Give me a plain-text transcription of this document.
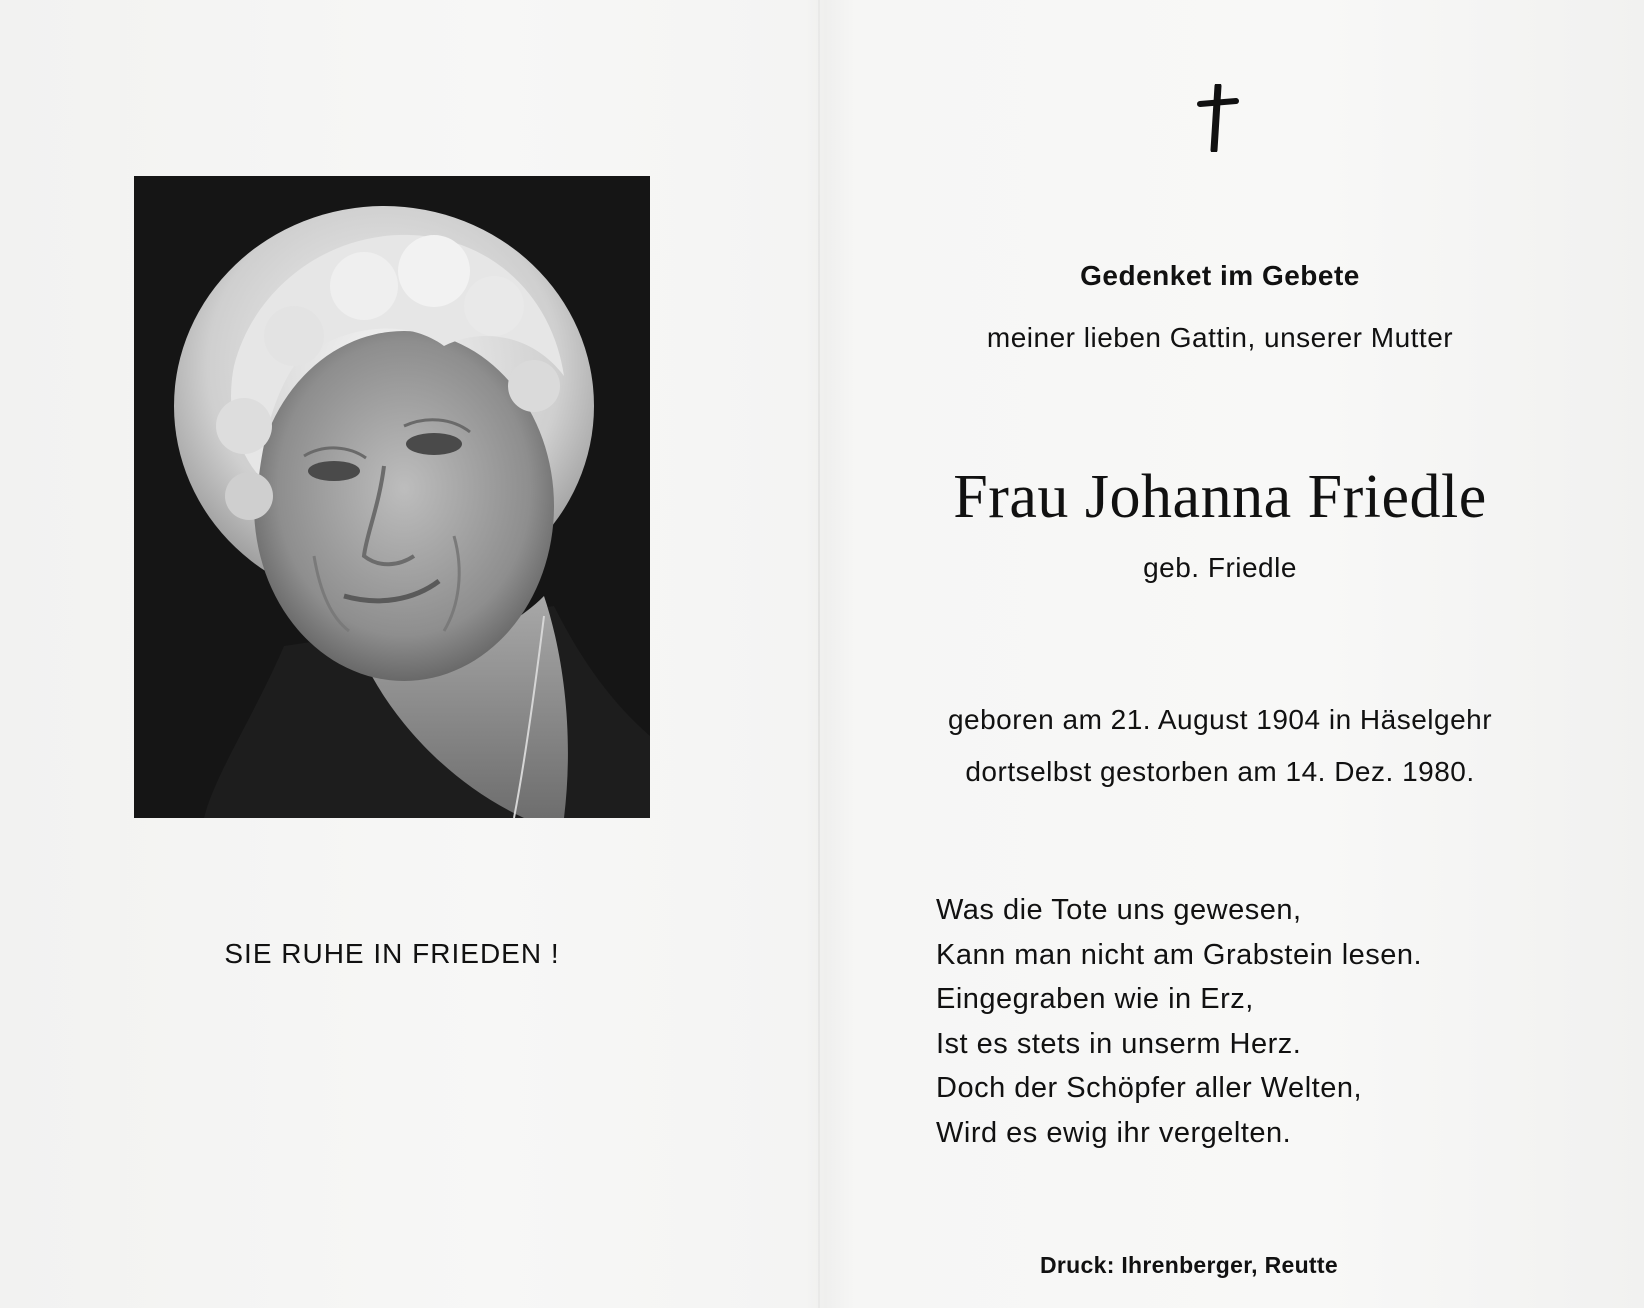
SIE RUHE IN FRIEDEN !
Gedenket im Gebete
meiner lieben Gattin, unserer Mutter
Frau Johanna Friedle
geb. Friedle
geboren am 21. August 1904 in Häselgehr
dortselbst gestorben am 14. Dez. 1980.
Was die Tote uns gewesen,
Kann man nicht am Grabstein lesen.
Eingegraben wie in Erz,
Ist es stets in unserm Herz.
Doch der Schöpfer aller Welten,
Wird es ewig ihr vergelten.
Druck: Ihrenberger, Reutte
